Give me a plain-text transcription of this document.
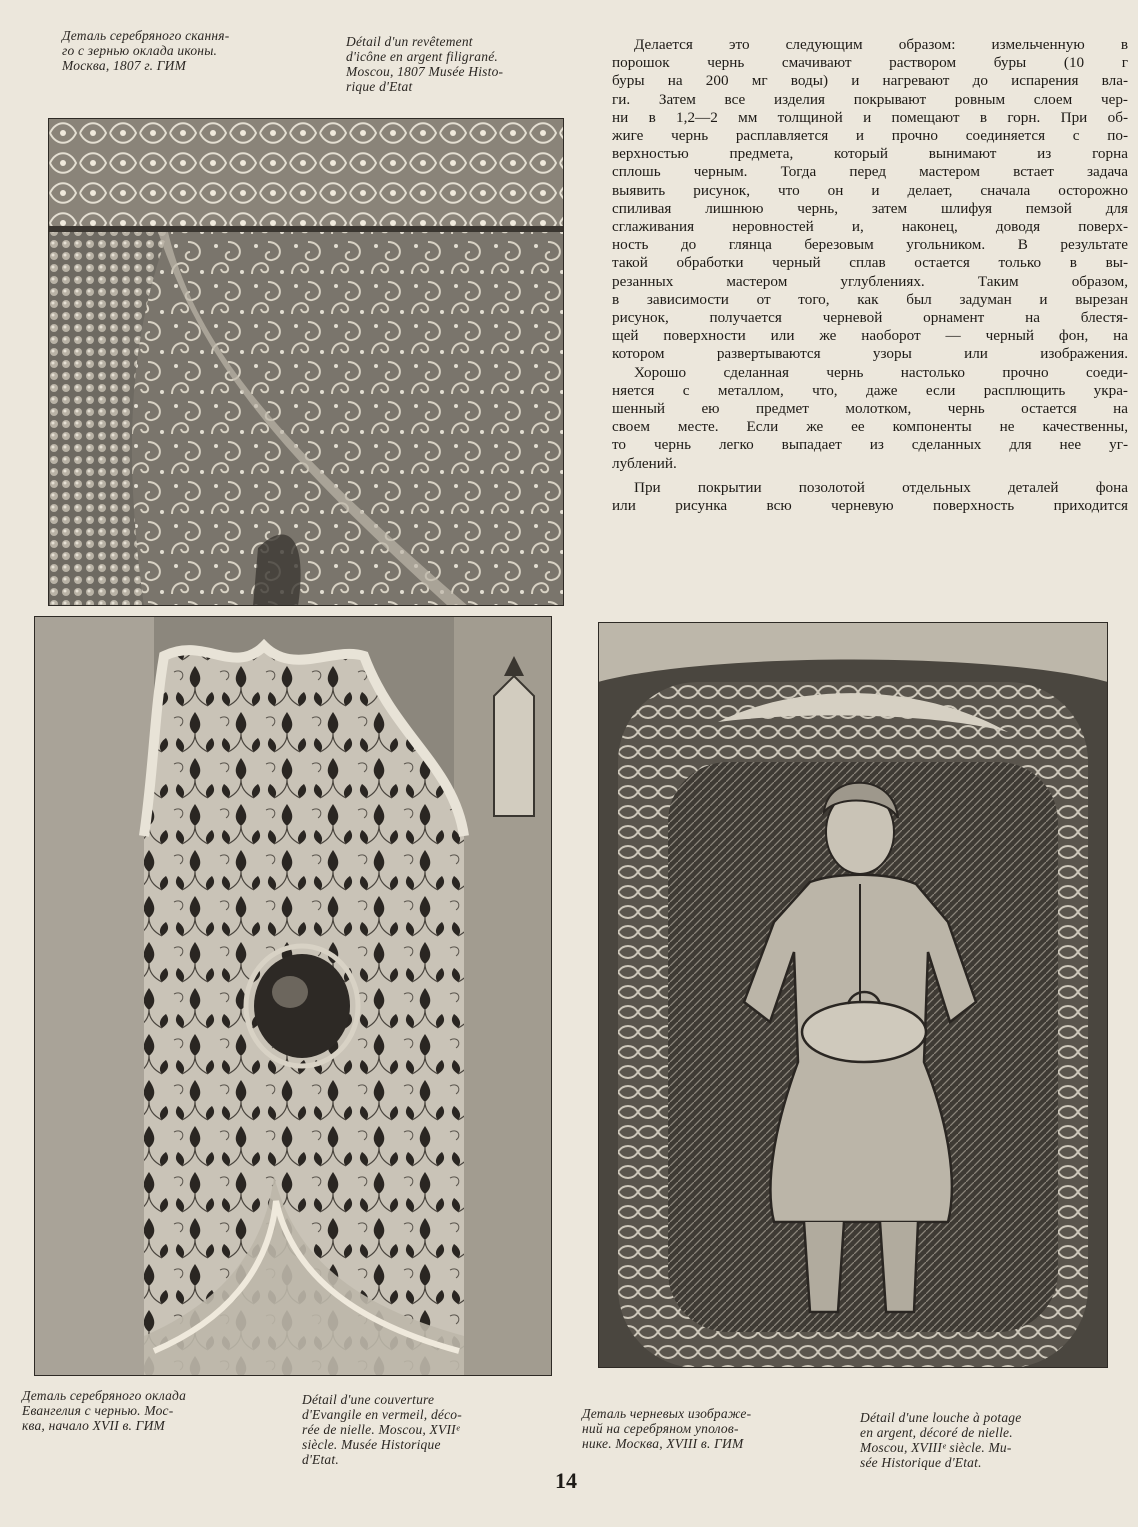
Деталь серебряного скання-
го с зернью оклада иконы.
Москва, 1807 г. ГИМ
Détail d'un revêtement
d'icône en argent filigrané.
Moscou, 1807 Musée Histo-
rique d'Etat

Делается это следующим образом: измельченную в
порошок чернь смачивают раствором буры (10 г
буры на 200 мг воды) и нагревают до испарения вла-
ги. Затем все изделия покрывают ровным слоем чер-
ни в 1,2—2 мм толщиной и помещают в горн. При об-
жиге чернь расплавляется и прочно соединяется с по-
верхностью предмета, который вынимают из горна
сплошь черным. Тогда перед мастером встает задача
выявить рисунок, что он и делает, сначала осторожно
спиливая лишнюю чернь, затем шлифуя пемзой для
сглаживания неровностей и, наконец, доводя поверх-
ность до глянца березовым угольником. В результате
такой обработки черный сплав остается только в вы-
резанных мастером углублениях. Таким образом,
в зависимости от того, как был задуман и вырезан
рисунок, получается черневой орнамент на блестя-
щей поверхности или же наоборот — черный фон, на
котором развертываются узоры или изображения.

Хорошо сделанная чернь настолько прочно соеди-
няется с металлом, что, даже если расплющить укра-
шенный ею предмет молотком, чернь остается на
своем месте. Если же ее компоненты не качественны,
то чернь легко выпадает из сделанных для нее уг-
лублений.

При покрытии позолотой отдельных деталей фона
или рисунка всю черневую поверхность приходится

Деталь серебряного оклада
Евангелия с чернью. Мос-
ква, начало XVII в. ГИМ
Détail d'une couverture
d'Evangile en vermeil, déco-
rée de nielle. Moscou, XVIIᵉ
siècle. Musée Historique
d'Etat.
Деталь черневых изображе-
ний на серебряном уполов-
нике. Москва, XVIII в. ГИМ
Détail d'une louche à potage
en argent, décoré de nielle.
Moscou, XVIIIᵉ siècle. Mu-
sée Historique d'Etat.
14
